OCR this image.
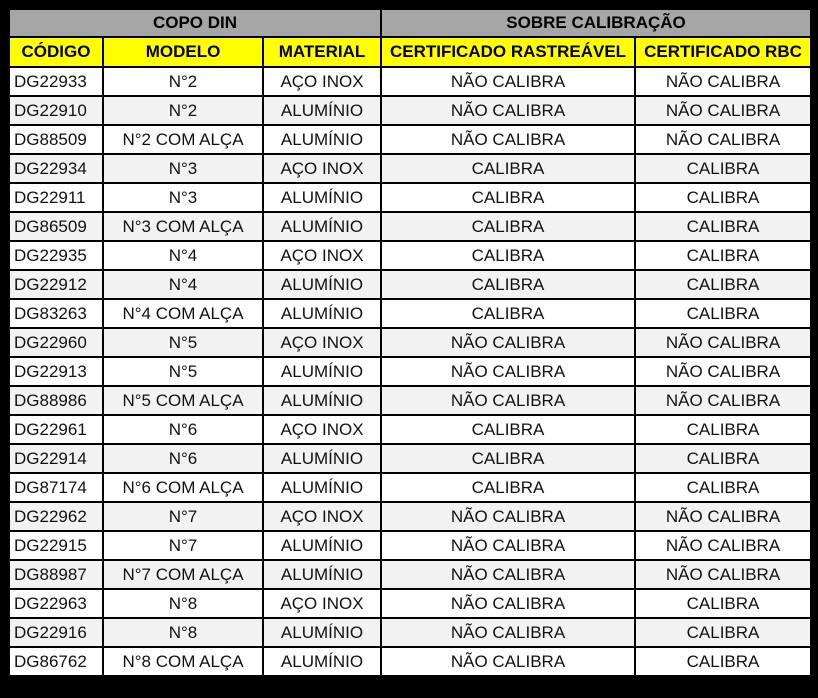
COPO DIN			SOBRE CALIBRAÇÃO	
CÓDIGO	MODELO	MATERIAL	CERTIFICADO RASTREÁVEL	CERTIFICADO RBC
DG22933	N°2	AÇO INOX	NÃO CALIBRA	NÃO CALIBRA
DG22910	N°2	ALUMÍNIO	NÃO CALIBRA	NÃO CALIBRA
DG88509	N°2 COM ALÇA	ALUMÍNIO	NÃO CALIBRA	NÃO CALIBRA
DG22934	N°3	AÇO INOX	CALIBRA	CALIBRA
DG22911	N°3	ALUMÍNIO	CALIBRA	CALIBRA
DG86509	N°3 COM ALÇA	ALUMÍNIO	CALIBRA	CALIBRA
DG22935	N°4	AÇO INOX	CALIBRA	CALIBRA
DG22912	N°4	ALUMÍNIO	CALIBRA	CALIBRA
DG83263	N°4 COM ALÇA	ALUMÍNIO	CALIBRA	CALIBRA
DG22960	N°5	AÇO INOX	NÃO CALIBRA	NÃO CALIBRA
DG22913	N°5	ALUMÍNIO	NÃO CALIBRA	NÃO CALIBRA
DG88986	N°5 COM ALÇA	ALUMÍNIO	NÃO CALIBRA	NÃO CALIBRA
DG22961	N°6	AÇO INOX	CALIBRA	CALIBRA
DG22914	N°6	ALUMÍNIO	CALIBRA	CALIBRA
DG87174	N°6 COM ALÇA	ALUMÍNIO	CALIBRA	CALIBRA
DG22962	N°7	AÇO INOX	NÃO CALIBRA	NÃO CALIBRA
DG22915	N°7	ALUMÍNIO	NÃO CALIBRA	NÃO CALIBRA
DG88987	N°7 COM ALÇA	ALUMÍNIO	NÃO CALIBRA	NÃO CALIBRA
DG22963	N°8	AÇO INOX	NÃO CALIBRA	CALIBRA
DG22916	N°8	ALUMÍNIO	NÃO CALIBRA	CALIBRA
DG86762	N°8 COM ALÇA	ALUMÍNIO	NÃO CALIBRA	CALIBRA
